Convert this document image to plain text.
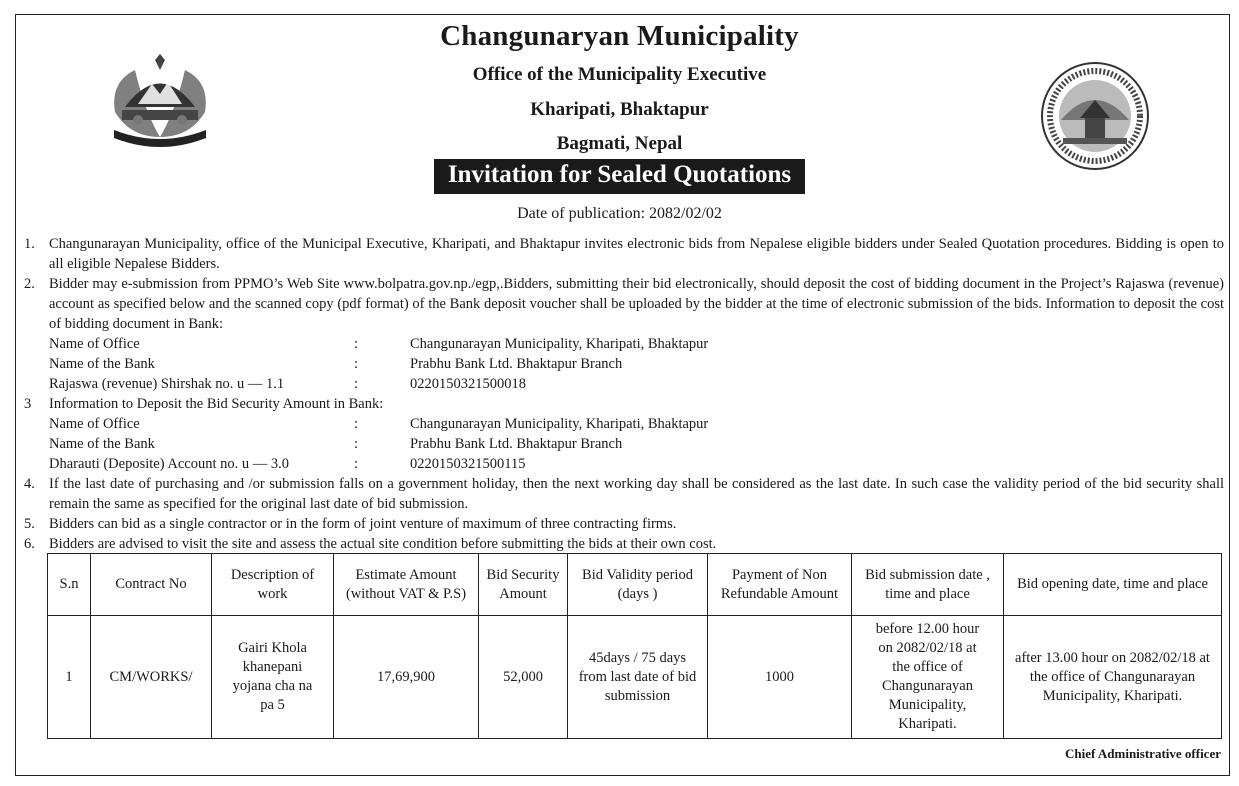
Changunaryan Municipality
Office of the Municipality Executive
Kharipati, Bhaktapur
Bagmati, Nepal
Invitation for Sealed Quotations
Date of publication: 2082/02/02
1. Changunarayan Municipality, office of the Municipal Executive, Kharipati, and Bhaktapur invites electronic bids from Nepalese eligible bidders under Sealed Quotation procedures. Bidding is open to all eligible Nepalese Bidders.
2. Bidder may e-submission from PPMO’s Web Site www.bolpatra.gov.np./egp,.Bidders, submitting their bid electronically, should deposit the cost of bidding document in the Project’s Rajaswa (revenue) account as specified below and the scanned copy (pdf format) of the Bank deposit voucher shall be uploaded by the bidder at the time of electronic submission of the bids. Information to deposit the cost of bidding document in Bank:
Name of Office	:	Changunarayan Municipality, Kharipati, Bhaktapur
Name of the Bank	:	Prabhu Bank Ltd. Bhaktapur Branch
Rajaswa (revenue) Shirshak no. u — 1.1	:	0220150321500018
3	Information to Deposit the Bid Security Amount in Bank:
Name of Office	:	Changunarayan Municipality, Kharipati, Bhaktapur
Name of the Bank	:	Prabhu Bank Ltd. Bhaktapur Branch
Dharauti (Deposite) Account no. u — 3.0	:	0220150321500115
4. If the last date of purchasing and /or submission falls on a government holiday, then the next working day shall be considered as the last date. In such case the validity period of the bid security shall remain the same as specified for the original last date of bid submission.
5. Bidders can bid as a single contractor or in the form of joint venture of maximum of three contracting firms.
6. Bidders are advised to visit the site and assess the actual site condition before submitting the bids at their own cost.
S.n	Contract No	Description of work	Estimate Amount (without VAT & P.S)	Bid Security Amount	Bid Validity period (days )	Payment of Non Refundable Amount	Bid submission date , time and place	Bid opening date, time and place
1	CM/WORKS/	Gairi Khola khanepani yojana cha na pa 5	17,69,900	52,000	45days / 75 days from last date of bid submission	1000	before 12.00 hour on 2082/02/18 at the office of Changunarayan Municipality, Kharipati.	after 13.00 hour on 2082/02/18 at the office of Changunarayan Municipality, Kharipati.
Chief Administrative officer
